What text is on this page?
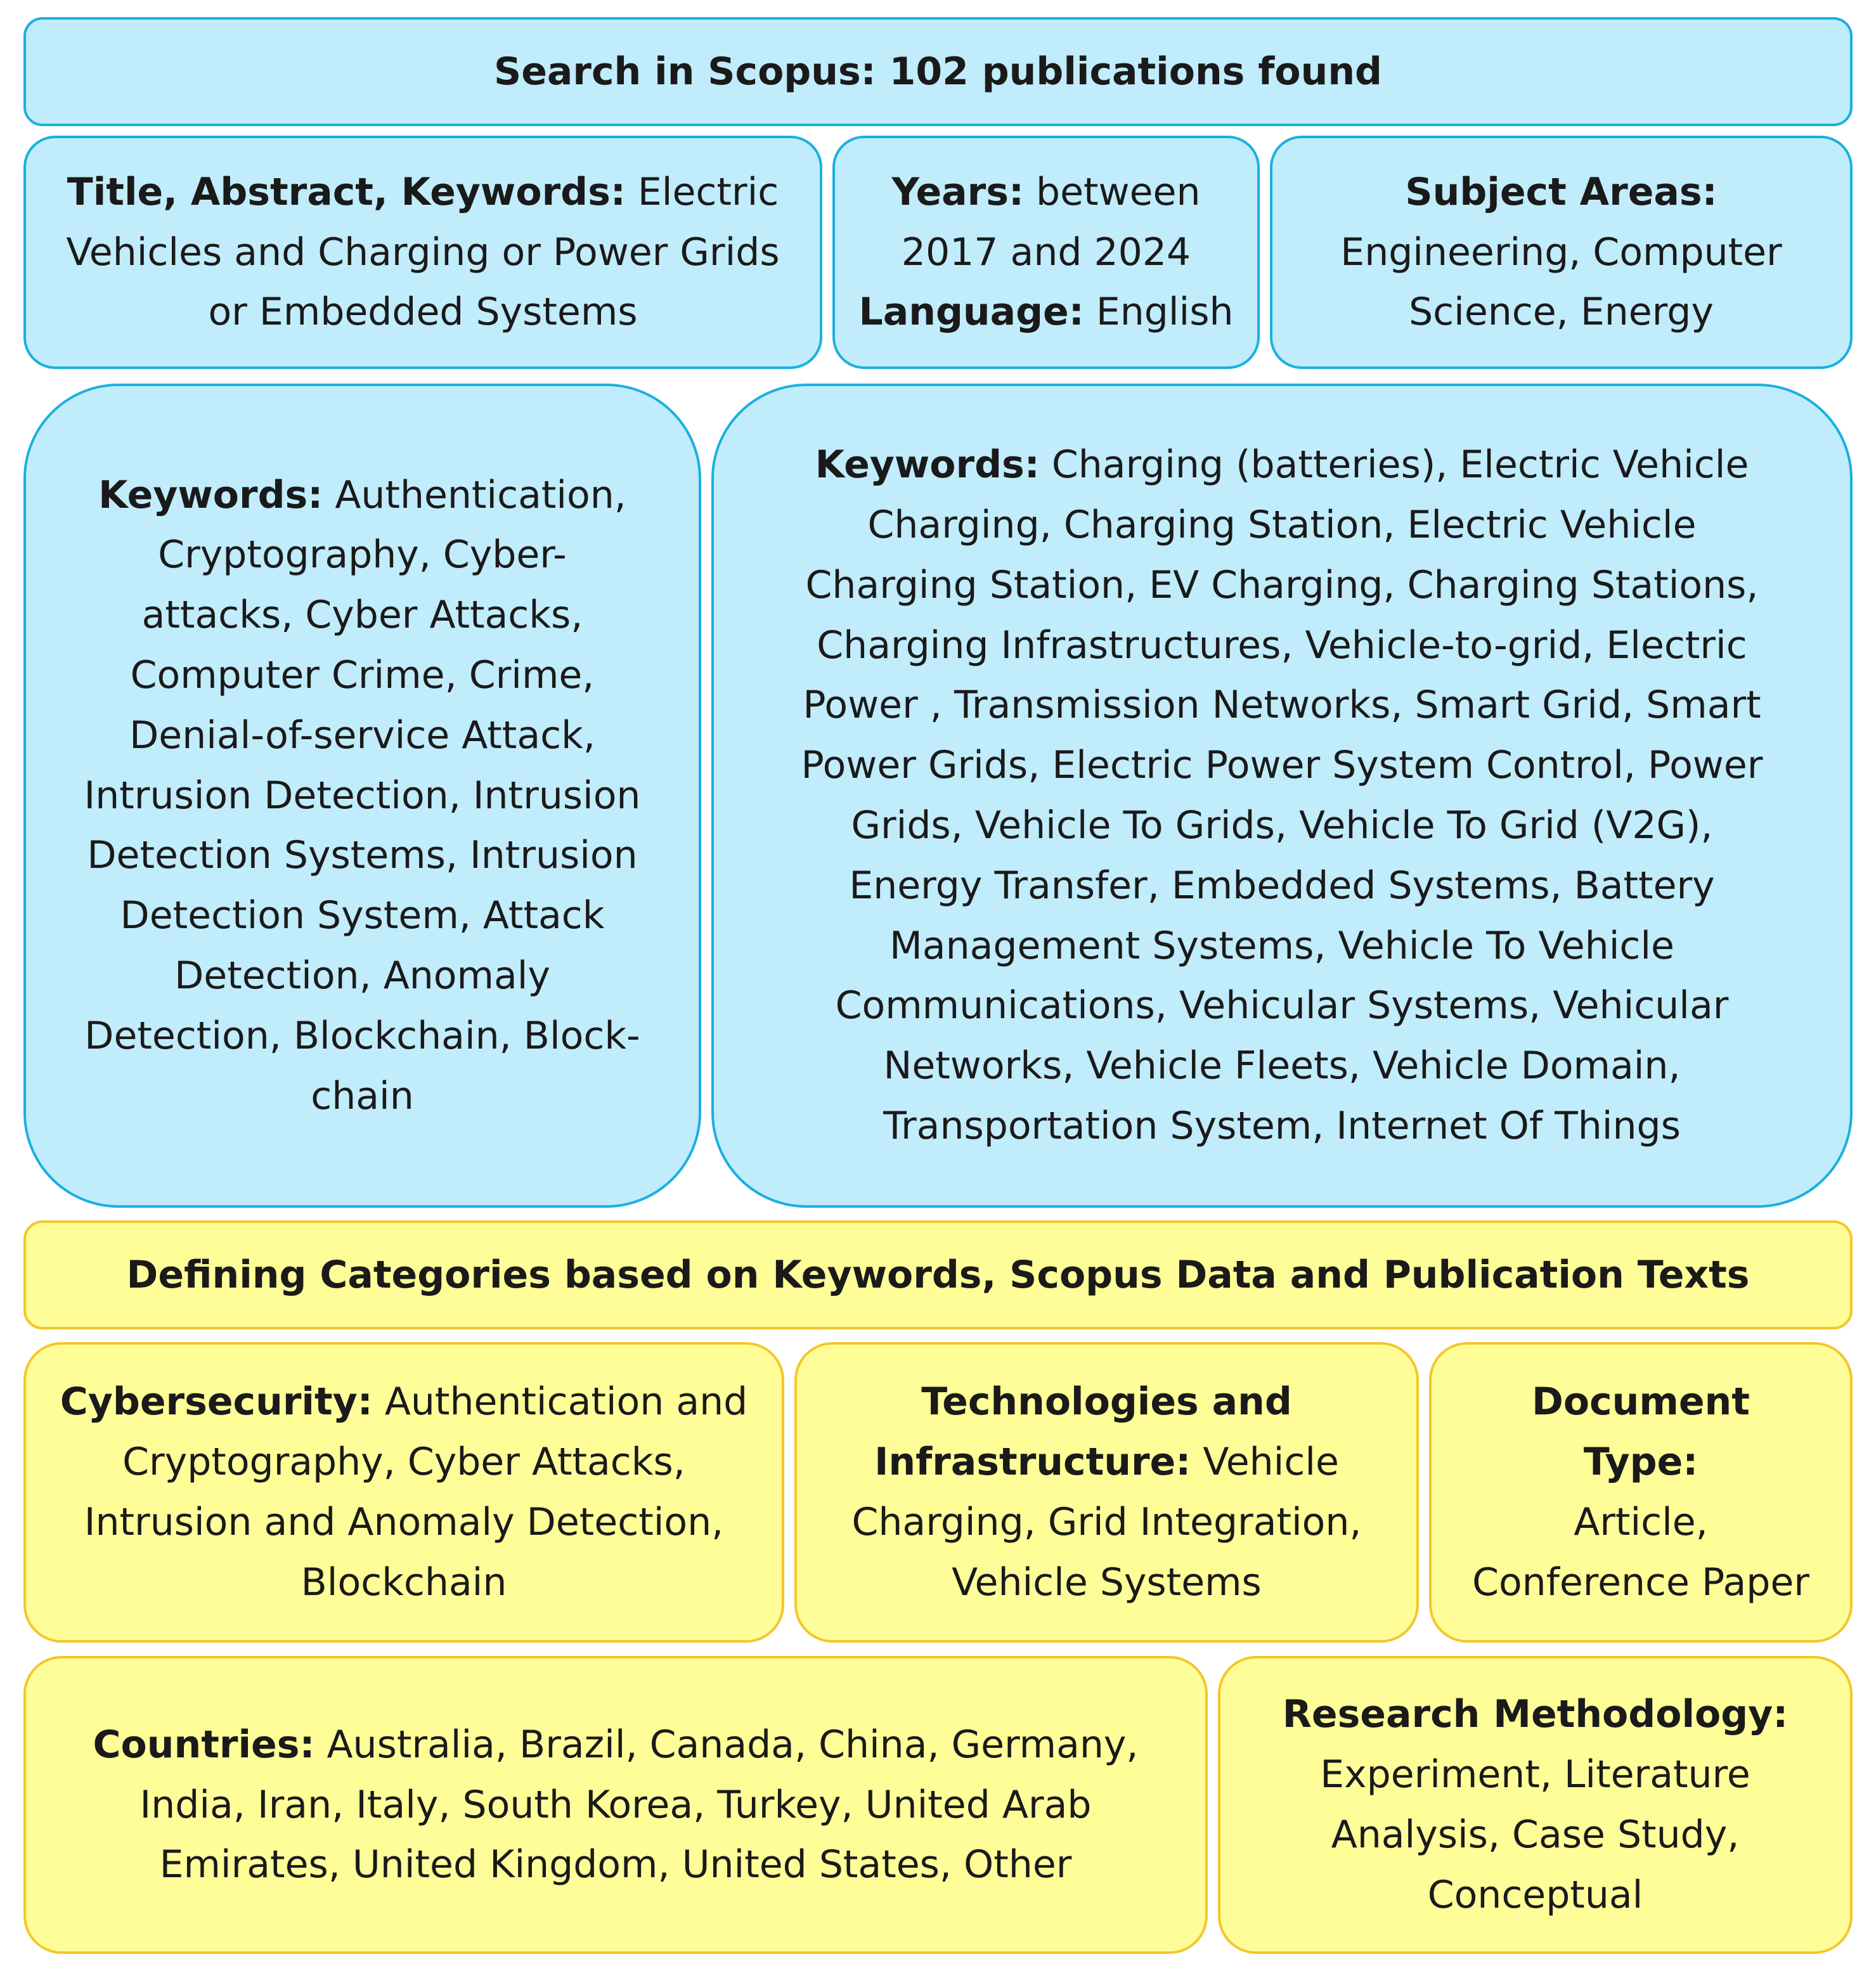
Search in Scopus: 102 publications found
Title, Abstract, Keywords: Electric Vehicles and Charging or Power Grids or Embedded Systems
Years: between 2017 and 2024
Language: English
Subject Areas:
Engineering, Computer Science, Energy
Keywords: Authentication, Cryptography, Cyber-attacks, Cyber Attacks, Computer Crime, Crime, Denial-of-service Attack, Intrusion Detection, Intrusion Detection Systems, Intrusion Detection System, Attack Detection, Anomaly Detection, Blockchain, Block-chain
Keywords: Charging (batteries), Electric Vehicle Charging, Charging Station, Electric Vehicle Charging Station, EV Charging, Charging Stations, Charging Infrastructures, Vehicle-to-grid, Electric Power , Transmission Networks, Smart Grid, Smart Power Grids, Electric Power System Control, Power Grids, Vehicle To Grids, Vehicle To Grid (V2G), Energy Transfer, Embedded Systems, Battery Management Systems, Vehicle To Vehicle Communications, Vehicular Systems, Vehicular Networks, Vehicle Fleets, Vehicle Domain, Transportation System, Internet Of Things
Defining Categories based on Keywords, Scopus Data and Publication Texts
Cybersecurity: Authentication and Cryptography, Cyber Attacks, Intrusion and Anomaly Detection, Blockchain
Technologies and Infrastructure: Vehicle Charging, Grid Integration, Vehicle Systems
Document Type:
Article, Conference Paper
Countries: Australia, Brazil, Canada, China, Germany, India, Iran, Italy, South Korea, Turkey, United Arab Emirates, United Kingdom, United States, Other
Research Methodology:
Experiment, Literature Analysis, Case Study, Conceptual
